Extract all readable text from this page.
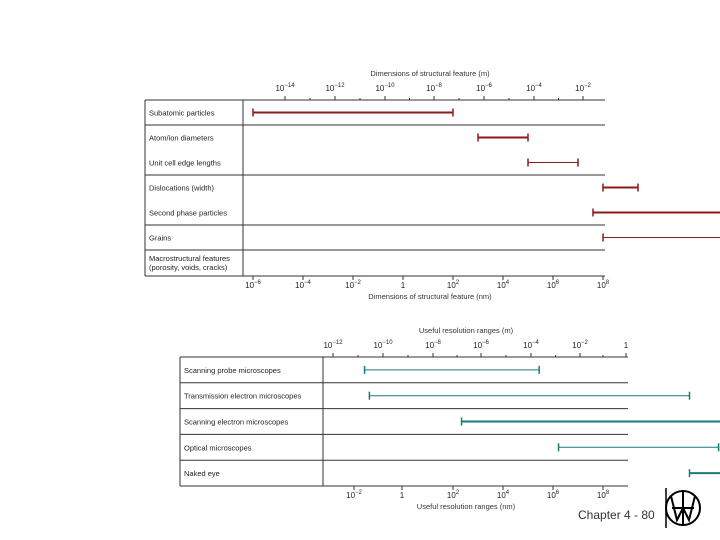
Dimensions of structural feature (m)
Dimensions of structural feature (nm)
$10^{-14}$	$10^{-12}$	$10^{-10}$	$10^{-8}$	$10^{-6}$	$10^{-4}$	$10^{-2}$
$10^{-6}$	$10^{-4}$	$10^{-2}$	1	$10^2$	$10^4$	$10^6$	$10^8$
Subatomic particles
Atom/ion diameters
Unit cell edge lengths
Dislocations (width)
Second phase particles
Grains
Macrostructural features
(porosity, voids, cracks)
Useful resolution ranges (m)
Useful resolution ranges (nm)
$10^{-12}$	$10^{-10}$	$10^{-8}$	$10^{-6}$	$10^{-4}$	$10^{-2}$	1
$10^{-2}$	1	$10^2$	$10^4$	$10^6$	$10^8$
Scanning probe microscopes
Transmission electron microscopes
Scanning electron microscopes
Optical microscopes
Naked eye
Chapter 4 - 80
